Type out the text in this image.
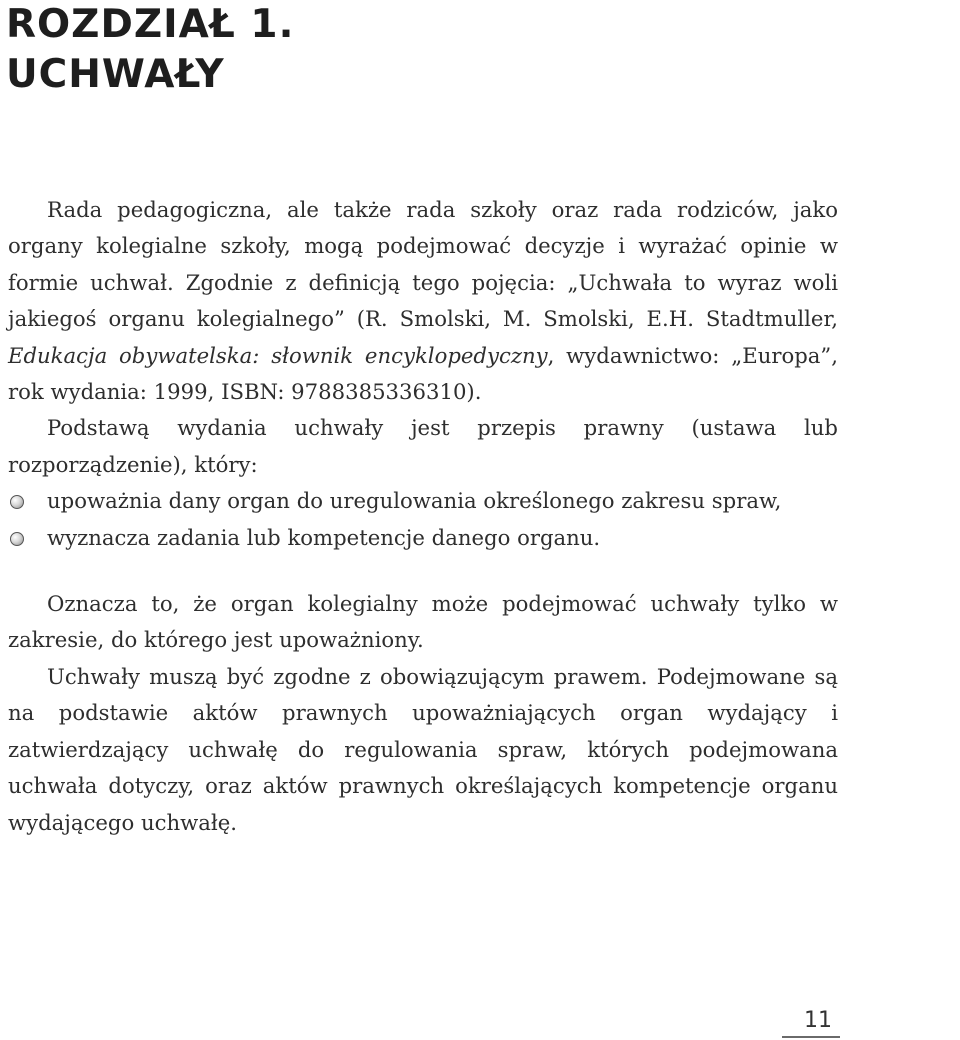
ROZDZIAŁ 1.
UCHWAŁY

Rada pedagogiczna, ale także rada szkoły oraz rada rodziców, jako organy kolegialne szkoły, mogą podejmować decyzje i wyrażać opinie w formie uchwał. Zgodnie z definicją tego pojęcia: „Uchwała to wyraz woli jakiegoś organu kolegialnego” (R. Smolski, M. Smolski, E.H. Stadtmuller, Edukacja obywatelska: słownik encyklopedyczny, wydawnictwo: „Europa”, rok wydania: 1999, ISBN: 9788385336310).

Podstawą wydania uchwały jest przepis prawny (ustawa lub rozporządzenie), który:

upoważnia dany organ do uregulowania określonego zakresu spraw,
wyznacza zadania lub kompetencje danego organu.

Oznacza to, że organ kolegialny może podejmować uchwały tylko w zakresie, do którego jest upoważniony.

Uchwały muszą być zgodne z obowiązującym prawem. Podejmowane są na podstawie aktów prawnych upoważniających organ wydający i zatwierdzający uchwałę do regulowania spraw, których podejmowana uchwała dotyczy, oraz aktów prawnych określających kompetencje organu wydającego uchwałę.

11
